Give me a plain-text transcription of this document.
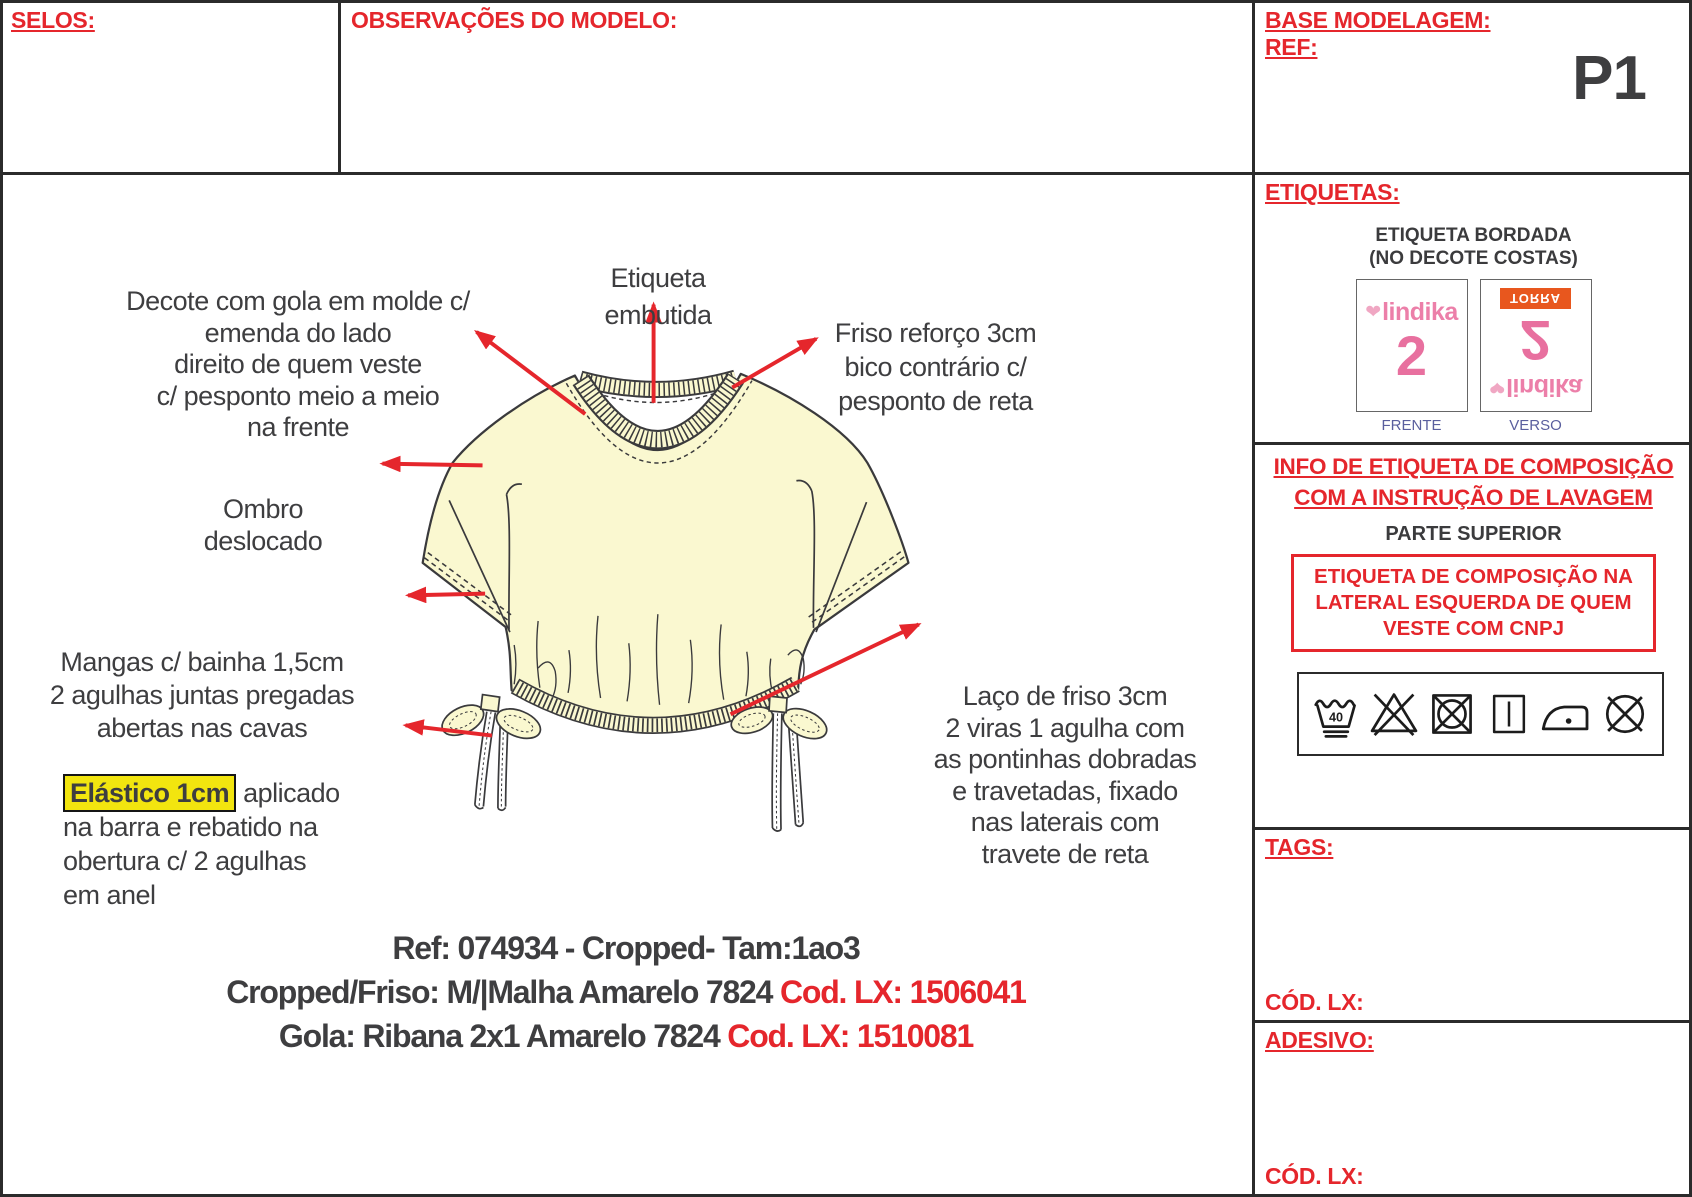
SELOS:	OBSERVAÇÕES DO MODELO:	BASE MODELAGEM:
REF:	P1
ETIQUETAS:
ETIQUETA BORDADA
(NO DECOTE COSTAS)
❤ lindika
2
FRENTE
❤ lindika
2
TORRA
VERSO
INFO DE ETIQUETA DE COMPOSIÇÃO
COM A INSTRUÇÃO DE LAVAGEM
PARTE SUPERIOR
ETIQUETA DE COMPOSIÇÃO NA
LATERAL ESQUERDA DE QUEM
VESTE COM CNPJ
40
TAGS:
CÓD. LX:
ADESIVO:
CÓD. LX:
Decote com gola em molde c/
emenda do lado
direito de quem veste
c/ pesponto meio a meio
na frente
Etiqueta
embutida
Friso reforço 3cm
bico contrário c/
pesponto de reta
Ombro
deslocado
Mangas c/ bainha 1,5cm
2 agulhas juntas pregadas
abertas nas cavas
Elástico 1cm aplicado
na barra e rebatido na
obertura c/ 2 agulhas
em anel
Laço de friso 3cm
2 viras 1 agulha com
as pontinhas dobradas
e travetadas, fixado
nas laterais com
travete de reta
Ref: 074934 - Cropped- Tam:1ao3
Cropped/Friso: M/|Malha Amarelo 7824 Cod. LX: 1506041
Gola: Ribana 2x1 Amarelo 7824 Cod. LX: 1510081
